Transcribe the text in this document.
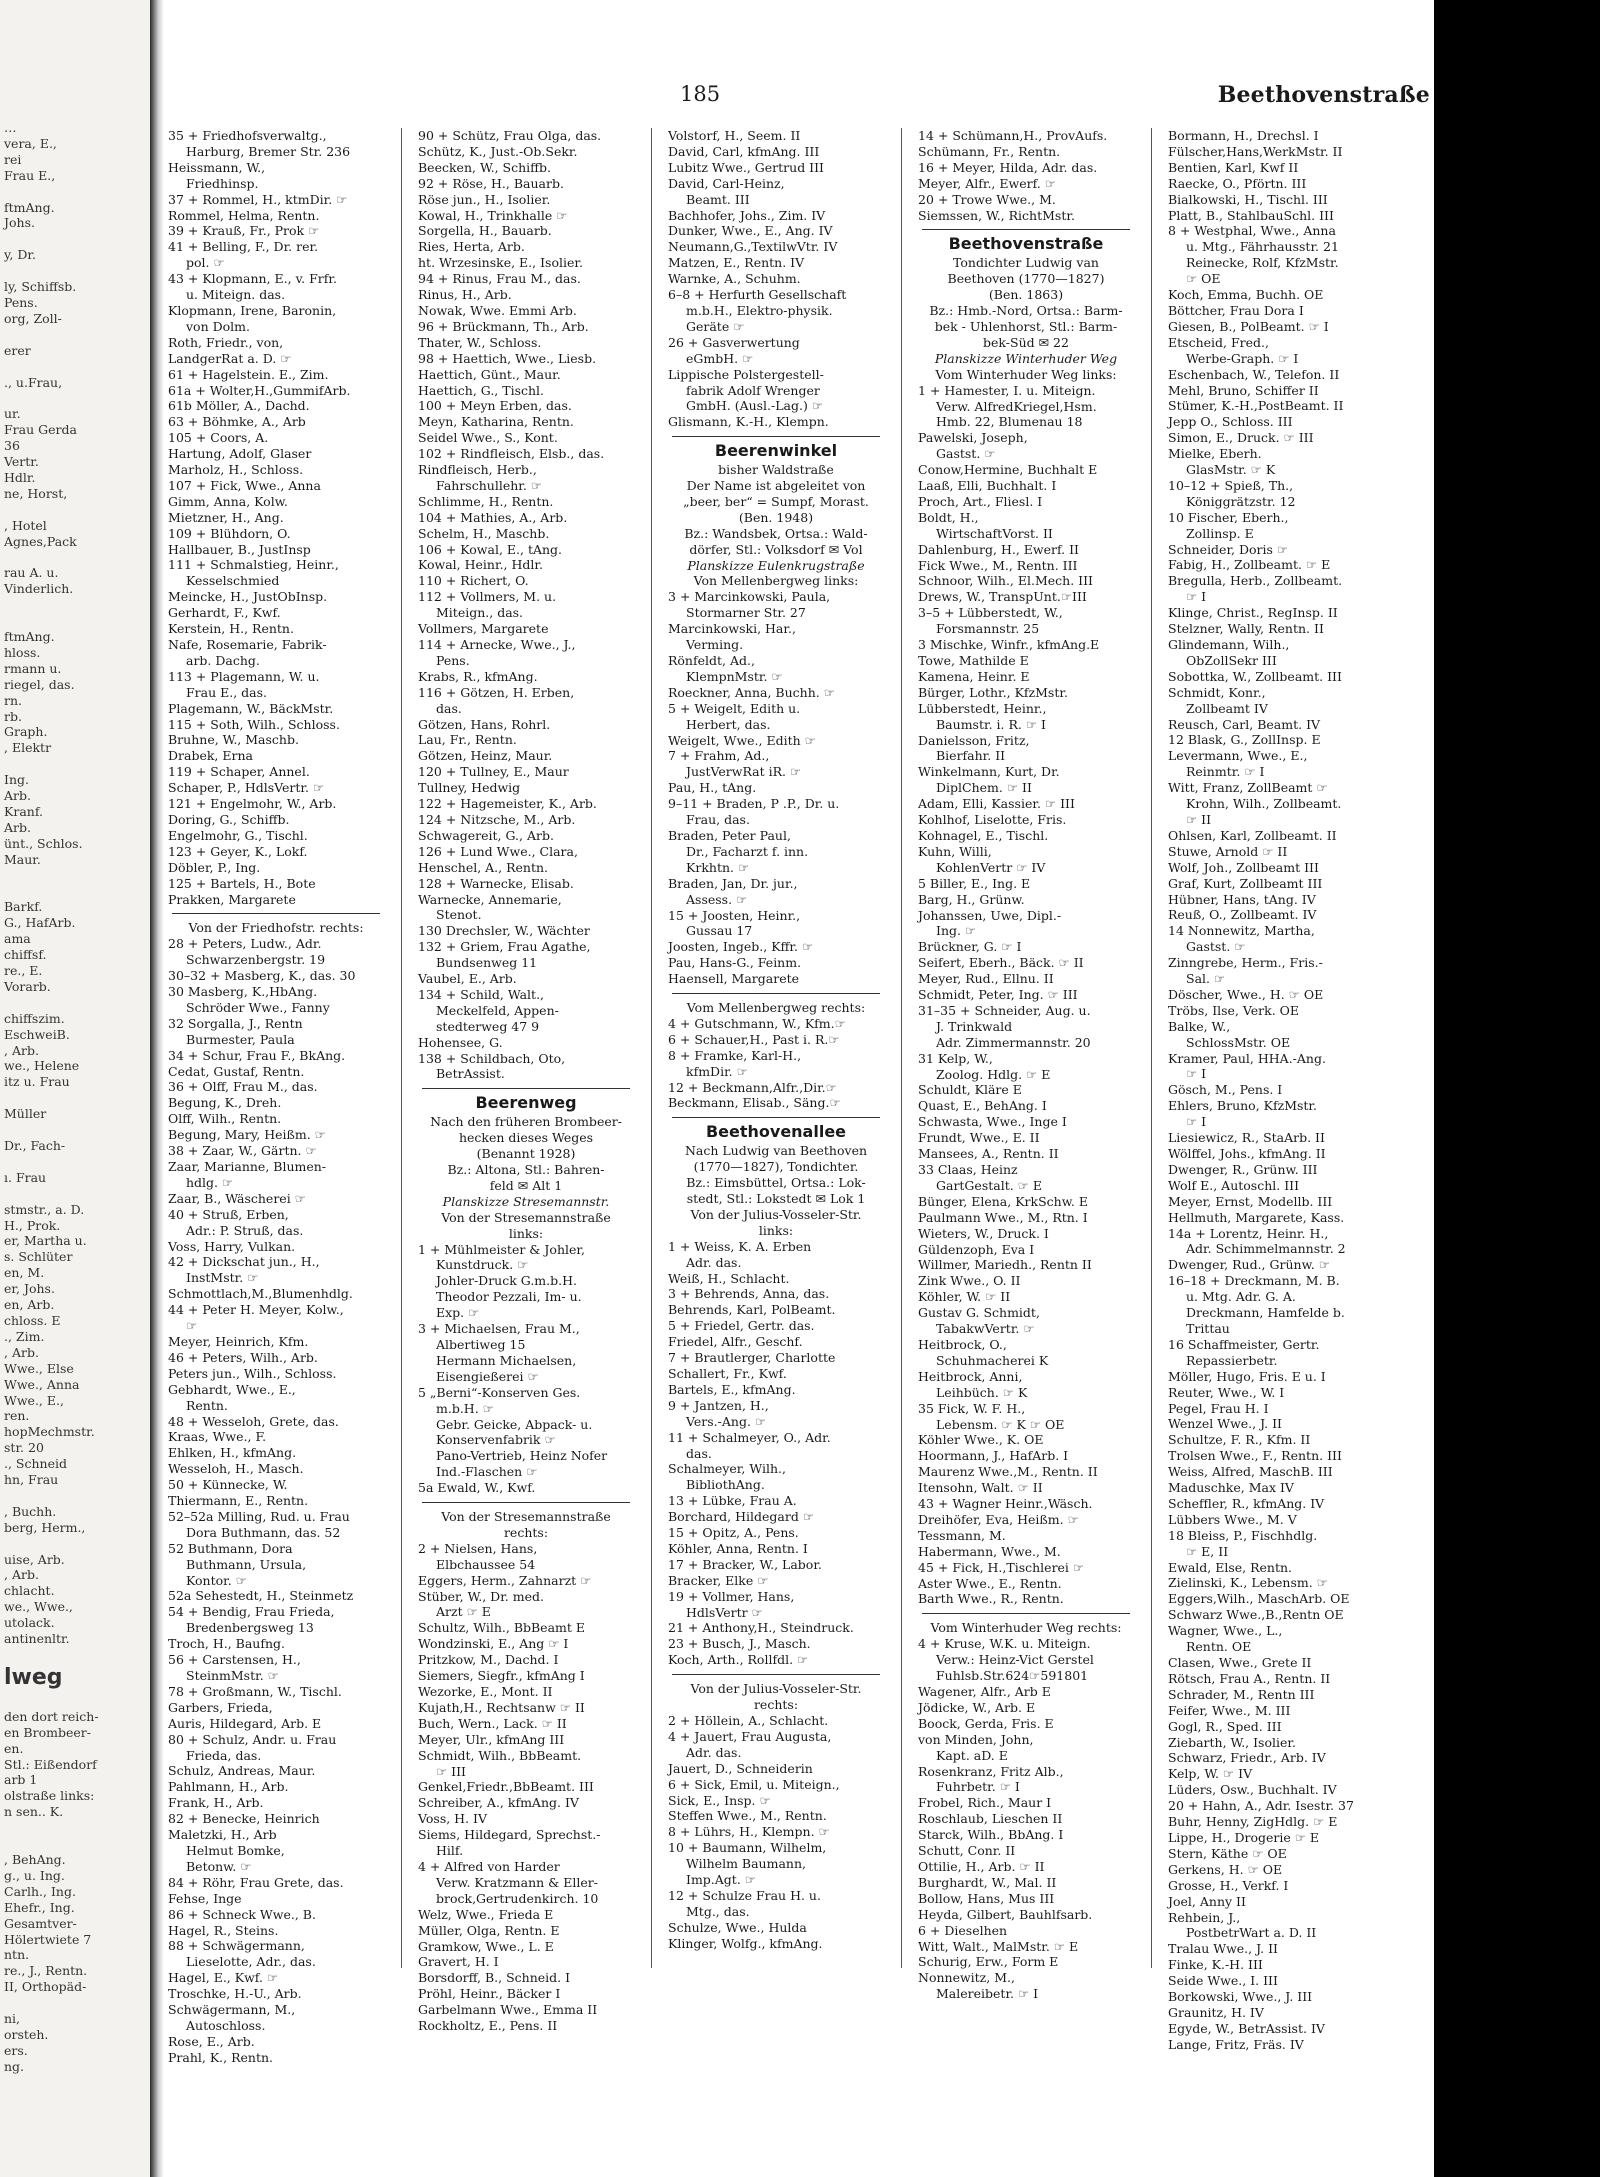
…
vera, E.,
rei
Frau E.,

ftmAng.
Johs.

y, Dr.

ly, Schiffsb.
Pens.
org, Zoll-

erer

., u.Frau,

ur.
Frau Gerda
36
Vertr.
Hdlr.
ne, Horst,

, Hotel
Agnes,Pack

rau A. u.
Vinderlich.

ftmAng.
hloss.
rmann u.
riegel, das.
rn.
rb.
Graph.
, Elektr

Ing.
Arb.
Kranf.
Arb.
ünt., Schlos.
Maur.

Barkf.
G., HafArb.
ama
chiffsf.
re., E.
Vorarb.

chiffszim.
EschweiB.
, Arb.
we., Helene
itz u. Frau

Müller

Dr., Fach-

ı. Frau

stmstr., a. D.
H., Prok.
er, Martha u.
s. Schlüter
en, M.
er, Johs.
en, Arb.
chloss. E
., Zim.
, Arb.
Wwe., Else
Wwe., Anna
Wwe., E.,
ren.
hopMechmstr.
str. 20
., Schneid
hn, Frau

, Buchh.
berg, Herm.,

uise, Arb.
, Arb.
chlacht.
we., Wwe.,
utolack.
antinenltr.

lweg

den dort reich-
en Brombeer-
en.
Stl.: Eißendorf
arb 1
olstraße links:
n sen.. K.

, BehAng.
g., u. Ing.
Carlh., Ing.
Ehefr., Ing.
Gesamtver-
Hölertwiete 7
ntn.
re., J., Rentn.
II, Orthopäd-

ni,
orsteh.
ers.
ng.
185	Beethovenstraße
35 + Friedhofsverwaltg.,
Harburg, Bremer Str. 236
Heissmann, W.,
Friedhinsp.
37 + Rommel, H., ktmDir. ☞
Rommel, Helma, Rentn.
39 + Krauß, Fr., Prok ☞
41 + Belling, F., Dr. rer.
pol. ☞
43 + Klopmann, E., v. Frfr.
u. Miteign. das.
Klopmann, Irene, Baronin,
von Dolm.
Roth, Friedr., von,
LandgerRat a. D. ☞
61 + Hagelstein. E., Zim.
61a + Wolter,H.,GummifArb.
61b Möller, A., Dachd.
63 + Böhmke, A., Arb
105 + Coors, A.
Hartung, Adolf, Glaser
Marholz, H., Schloss.
107 + Fick, Wwe., Anna
Gimm, Anna, Kolw.
Mietzner, H., Ang.
109 + Blühdorn, O.
Hallbauer, B., JustInsp
111 + Schmalstieg, Heinr.,
Kesselschmied
Meincke, H., JustObInsp.
Gerhardt, F., Kwf.
Kerstein, H., Rentn.
Nafe, Rosemarie, Fabrik-
arb. Dachg.
113 + Plagemann, W. u.
Frau E., das.
Plagemann, W., BäckMstr.
115 + Soth, Wilh., Schloss.
Bruhne, W., Maschb.
Drabek, Erna
119 + Schaper, Annel.
Schaper, P., HdlsVertr. ☞
121 + Engelmohr, W., Arb.
Doring, G., Schiffb.
Engelmohr, G., Tischl.
123 + Geyer, K., Lokf.
Döbler, P., Ing.
125 + Bartels, H., Bote
Prakken, Margarete
Von der Friedhofstr. rechts:
28 + Peters, Ludw., Adr.
Schwarzenbergstr. 19
30–32 + Masberg, K., das. 30
30 Masberg, K.,HbAng.
Schröder Wwe., Fanny
32 Sorgalla, J., Rentn
Burmester, Paula
34 + Schur, Frau F., BkAng.
Cedat, Gustaf, Rentn.
36 + Olff, Frau M., das.
Begung, K., Dreh.
Olff, Wilh., Rentn.
Begung, Mary, Heißm. ☞
38 + Zaar, W., Gärtn. ☞
Zaar, Marianne, Blumen-
hdlg. ☞
Zaar, B., Wäscherei ☞
40 + Struß, Erben,
Adr.: P. Struß, das.
Voss, Harry, Vulkan.
42 + Dickschat jun., H.,
InstMstr. ☞
Schmottlach,M.,Blumenhdlg.
44 + Peter H. Meyer, Kolw.,
☞
Meyer, Heinrich, Kfm.
46 + Peters, Wilh., Arb.
Peters jun., Wilh., Schloss.
Gebhardt, Wwe., E.,
Rentn.
48 + Wesseloh, Grete, das.
Kraas, Wwe., F.
Ehlken, H., kfmAng.
Wesseloh, H., Masch.
50 + Künnecke, W.
Thiermann, E., Rentn.
52–52a Milling, Rud. u. Frau
Dora Buthmann, das. 52
52 Buthmann, Dora
Buthmann, Ursula,
Kontor. ☞
52a Sehestedt, H., Steinmetz
54 + Bendig, Frau Frieda,
Bredenbergsweg 13
Troch, H., Baufng.
56 + Carstensen, H.,
SteinmMstr. ☞
78 + Großmann, W., Tischl.
Garbers, Frieda,
Auris, Hildegard, Arb. E
80 + Schulz, Andr. u. Frau
Frieda, das.
Schulz, Andreas, Maur.
Pahlmann, H., Arb.
Frank, H., Arb.
82 + Benecke, Heinrich
Maletzki, H., Arb
Helmut Bomke,
Betonw. ☞
84 + Röhr, Frau Grete, das.
Fehse, Inge
86 + Schneck Wwe., B.
Hagel, R., Steins.
88 + Schwägermann,
Lieselotte, Adr., das.
Hagel, E., Kwf. ☞
Troschke, H.-U., Arb.
Schwägermann, M.,
Autoschloss.
Rose, E., Arb.
Prahl, K., Rentn.
90 + Schütz, Frau Olga, das.
Schütz, K., Just.-Ob.Sekr.
Beecken, W., Schiffb.
92 + Röse, H., Bauarb.
Röse jun., H., Isolier.
Kowal, H., Trinkhalle ☞
Sorgella, H., Bauarb.
Ries, Herta, Arb.
ht. Wrzesinske, E., Isolier.
94 + Rinus, Frau M., das.
Rinus, H., Arb.
Nowak, Wwe. Emmi Arb.
96 + Brückmann, Th., Arb.
Thater, W., Schloss.
98 + Haettich, Wwe., Liesb.
Haettich, Günt., Maur.
Haettich, G., Tischl.
100 + Meyn Erben, das.
Meyn, Katharina, Rentn.
Seidel Wwe., S., Kont.
102 + Rindfleisch, Elsb., das.
Rindfleisch, Herb.,
Fahrschullehr. ☞
Schlimme, H., Rentn.
104 + Mathies, A., Arb.
Schelm, H., Maschb.
106 + Kowal, E., tAng.
Kowal, Heinr., Hdlr.
110 + Richert, O.
112 + Vollmers, M. u.
Miteign., das.
Vollmers, Margarete
114 + Arnecke, Wwe., J.,
Pens.
Krabs, R., kfmAng.
116 + Götzen, H. Erben,
das.
Götzen, Hans, Rohrl.
Lau, Fr., Rentn.
Götzen, Heinz, Maur.
120 + Tullney, E., Maur
Tullney, Hedwig
122 + Hagemeister, K., Arb.
124 + Nitzsche, M., Arb.
Schwagereit, G., Arb.
126 + Lund Wwe., Clara,
Henschel, A., Rentn.
128 + Warnecke, Elisab.
Warnecke, Annemarie,
Stenot.
130 Drechsler, W., Wächter
132 + Griem, Frau Agathe,
Bundsenweg 11
Vaubel, E., Arb.
134 + Schild, Walt.,
Meckelfeld, Appen-
stedterweg 47 9
Hohensee, G.
138 + Schildbach, Oto,
BetrAssist.
Beerenweg
Nach den früheren Brombeer-
hecken dieses Weges
(Benannt 1928)
Bz.: Altona, Stl.: Bahren-
feld ✉ Alt 1
Planskizze Stresemannstr.
Von der Stresemannstraße
links:
1 + Mühlmeister & Johler,
Kunstdruck. ☞
Johler-Druck G.m.b.H.
Theodor Pezzali, Im- u.
Exp. ☞
3 + Michaelsen, Frau M.,
Albertiweg 15
Hermann Michaelsen,
Eisengießerei ☞
5 „Berni“-Konserven Ges.
m.b.H. ☞
Gebr. Geicke, Abpack- u.
Konservenfabrik ☞
Pano-Vertrieb, Heinz Nofer
Ind.-Flaschen ☞
5a Ewald, W., Kwf.
Von der Stresemannstraße
rechts:
2 + Nielsen, Hans,
Elbchaussee 54
Eggers, Herm., Zahnarzt ☞
Stüber, W., Dr. med.
Arzt ☞ E
Schultz, Wilh., BbBeamt E
Wondzinski, E., Ang ☞ I
Pritzkow, M., Dachd. I
Siemers, Siegfr., kfmAng I
Wezorke, E., Mont. II
Kujath,H., Rechtsanw ☞ II
Buch, Wern., Lack. ☞ II
Meyer, Ulr., kfmAng III
Schmidt, Wilh., BbBeamt.
☞ III
Genkel,Friedr.,BbBeamt. III
Schreiber, A., kfmAng. IV
Voss, H. IV
Siems, Hildegard, Sprechst.-
Hilf.
4 + Alfred von Harder
Verw. Kratzmann & Eller-
brock,Gertrudenkirch. 10
Welz, Wwe., Frieda E
Müller, Olga, Rentn. E
Gramkow, Wwe., L. E
Gravert, H. I
Borsdorff, B., Schneid. I
Pröhl, Heinr., Bäcker I
Garbelmann Wwe., Emma II
Rockholtz, E., Pens. II
Volstorf, H., Seem. II
David, Carl, kfmAng. III
Lubitz Wwe., Gertrud III
David, Carl-Heinz,
Beamt. III
Bachhofer, Johs., Zim. IV
Dunker, Wwe., E., Ang. IV
Neumann,G.,TextilwVtr. IV
Matzen, E., Rentn. IV
Warnke, A., Schuhm.
6–8 + Herfurth Gesellschaft
m.b.H., Elektro-physik.
Geräte ☞
26 + Gasverwertung
eGmbH. ☞
Lippische Polstergestell-
fabrik Adolf Wrenger
GmbH. (Ausl.-Lag.) ☞
Glismann, K.-H., Klempn.
Beerenwinkel
bisher Waldstraße
Der Name ist abgeleitet von
„beer, ber“ = Sumpf, Morast.
(Ben. 1948)
Bz.: Wandsbek, Ortsa.: Wald-
dörfer, Stl.: Volksdorf ✉ Vol
Planskizze Eulenkrugstraße
Von Mellenbergweg links:
3 + Marcinkowski, Paula,
Stormarner Str. 27
Marcinkowski, Har.,
Verming.
Rönfeldt, Ad.,
KlempnMstr. ☞
Roeckner, Anna, Buchh. ☞
5 + Weigelt, Edith u.
Herbert, das.
Weigelt, Wwe., Edith ☞
7 + Frahm, Ad.,
JustVerwRat iR. ☞
Pau, H., tAng.
9–11 + Braden, P .P., Dr. u.
Frau, das.
Braden, Peter Paul,
Dr., Facharzt f. inn.
Krkhtn. ☞
Braden, Jan, Dr. jur.,
Assess. ☞
15 + Joosten, Heinr.,
Gussau 17
Joosten, Ingeb., Kffr. ☞
Pau, Hans-G., Feinm.
Haensell, Margarete
Vom Mellenbergweg rechts:
4 + Gutschmann, W., Kfm.☞
6 + Schauer,H., Past i. R.☞
8 + Framke, Karl-H.,
kfmDir. ☞
12 + Beckmann,Alfr.,Dir.☞
Beckmann, Elisab., Säng.☞
Beethovenallee
Nach Ludwig van Beethoven
(1770—1827), Tondichter.
Bz.: Eimsbüttel, Ortsa.: Lok-
stedt, Stl.: Lokstedt ✉ Lok 1
Von der Julius-Vosseler-Str.
links:
1 + Weiss, K. A. Erben
Adr. das.
Weiß, H., Schlacht.
3 + Behrends, Anna, das.
Behrends, Karl, PolBeamt.
5 + Friedel, Gertr. das.
Friedel, Alfr., Geschf.
7 + Brautlerger, Charlotte
Schallert, Fr., Kwf.
Bartels, E., kfmAng.
9 + Jantzen, H.,
Vers.-Ang. ☞
11 + Schalmeyer, O., Adr.
das.
Schalmeyer, Wilh.,
BibliothAng.
13 + Lübke, Frau A.
Borchard, Hildegard ☞
15 + Opitz, A., Pens.
Köhler, Anna, Rentn. I
17 + Bracker, W., Labor.
Bracker, Elke ☞
19 + Vollmer, Hans,
HdlsVertr ☞
21 + Anthony,H., Steindruck.
23 + Busch, J., Masch.
Koch, Arth., Rollfdl. ☞
Von der Julius-Vosseler-Str.
rechts:
2 + Höllein, A., Schlacht.
4 + Jauert, Frau Augusta,
Adr. das.
Jauert, D., Schneiderin
6 + Sick, Emil, u. Miteign.,
Sick, E., Insp. ☞
Steffen Wwe., M., Rentn.
8 + Lührs, H., Klempn. ☞
10 + Baumann, Wilhelm,
Wilhelm Baumann,
Imp.Agt. ☞
12 + Schulze Frau H. u.
Mtg., das.
Schulze, Wwe., Hulda
Klinger, Wolfg., kfmAng.
14 + Schümann,H., ProvAufs.
Schümann, Fr., Rentn.
16 + Meyer, Hilda, Adr. das.
Meyer, Alfr., Ewerf. ☞
20 + Trowe Wwe., M.
Siemssen, W., RichtMstr.
Beethovenstraße
Tondichter Ludwig van
Beethoven (1770—1827)
(Ben. 1863)
Bz.: Hmb.-Nord, Ortsa.: Barm-
bek - Uhlenhorst, Stl.: Barm-
bek-Süd ✉ 22
Planskizze Winterhuder Weg
Vom Winterhuder Weg links:
1 + Hamester, I. u. Miteign.
Verw. AlfredKriegel,Hsm.
Hmb. 22, Blumenau 18
Pawelski, Joseph,
Gastst. ☞
Conow,Hermine, Buchhalt E
Laaß, Elli, Buchhalt. I
Proch, Art., Fliesl. I
Boldt, H.,
WirtschaftVorst. II
Dahlenburg, H., Ewerf. II
Fick Wwe., M., Rentn. III
Schnoor, Wilh., El.Mech. III
Drews, W., TranspUnt.☞III
3–5 + Lübberstedt, W.,
Forsmannstr. 25
3 Mischke, Winfr., kfmAng.E
Towe, Mathilde E
Kamena, Heinr. E
Bürger, Lothr., KfzMstr.
Lübberstedt, Heinr.,
Baumstr. i. R. ☞ I
Danielsson, Fritz,
Bierfahr. II
Winkelmann, Kurt, Dr.
DiplChem. ☞ II
Adam, Elli, Kassier. ☞ III
Kohlhof, Liselotte, Fris.
Kohnagel, E., Tischl.
Kuhn, Willi,
KohlenVertr ☞ IV
5 Biller, E., Ing. E
Barg, H., Grünw.
Johanssen, Uwe, Dipl.-
Ing. ☞
Brückner, G. ☞ I
Seifert, Eberh., Bäck. ☞ II
Meyer, Rud., Ellnu. II
Schmidt, Peter, Ing. ☞ III
31–35 + Schneider, Aug. u.
J. Trinkwald
Adr. Zimmermannstr. 20
31 Kelp, W.,
Zoolog. Hdlg. ☞ E
Schuldt, Kläre E
Quast, E., BehAng. I
Schwasta, Wwe., Inge I
Frundt, Wwe., E. II
Mansees, A., Rentn. II
33 Claas, Heinz
GartGestalt. ☞ E
Bünger, Elena, KrkSchw. E
Paulmann Wwe., M., Rtn. I
Wieters, W., Druck. I
Güldenzoph, Eva I
Willmer, Mariedh., Rentn II
Zink Wwe., O. II
Köhler, W. ☞ II
Gustav G. Schmidt,
TabakwVertr. ☞
Heitbrock, O.,
Schuhmacherei K
Heitbrock, Anni,
Leihbüch. ☞ K
35 Fick, W. F. H.,
Lebensm. ☞ K ☞ OE
Köhler Wwe., K. OE
Hoormann, J., HafArb. I
Maurenz Wwe.,M., Rentn. II
Itensohn, Walt. ☞ II
43 + Wagner Heinr.,Wäsch.
Dreihöfer, Eva, Heißm. ☞
Tessmann, M.
Habermann, Wwe., M.
45 + Fick, H.,Tischlerei ☞
Aster Wwe., E., Rentn.
Barth Wwe., R., Rentn.
Vom Winterhuder Weg rechts:
4 + Kruse, W.K. u. Miteign.
Verw.: Heinz-Vict Gerstel
Fuhlsb.Str.624☞591801
Wagener, Alfr., Arb E
Jödicke, W., Arb. E
Boock, Gerda, Fris. E
von Minden, John,
Kapt. aD. E
Rosenkranz, Fritz Alb.,
Fuhrbetr. ☞ I
Frobel, Rich., Maur I
Roschlaub, Lieschen II
Starck, Wilh., BbAng. I
Schutt, Conr. II
Ottilie, H., Arb. ☞ II
Burghardt, W., Mal. II
Bollow, Hans, Mus III
Heyda, Gilbert, Bauhlfsarb.
6 + Dieselhen
Witt, Walt., MalMstr. ☞ E
Schurig, Erw., Form E
Nonnewitz, M.,
Malereibetr. ☞ I
Bormann, H., Drechsl. I
Fülscher,Hans,WerkMstr. II
Bentien, Karl, Kwf II
Raecke, O., Pförtn. III
Bialkowski, H., Tischl. III
Platt, B., StahlbauSchl. III
8 + Westphal, Wwe., Anna
u. Mtg., Fährhausstr. 21
Reinecke, Rolf, KfzMstr.
☞ OE
Koch, Emma, Buchh. OE
Böttcher, Frau Dora I
Giesen, B., PolBeamt. ☞ I
Etscheid, Fred.,
Werbe-Graph. ☞ I
Eschenbach, W., Telefon. II
Mehl, Bruno, Schiffer II
Stümer, K.-H.,PostBeamt. II
Jepp O., Schloss. III
Simon, E., Druck. ☞ III
Mielke, Eberh.
GlasMstr. ☞ K
10–12 + Spieß, Th.,
Königgrätzstr. 12
10 Fischer, Eberh.,
Zollinsp. E
Schneider, Doris ☞
Fabig, H., Zollbeamt. ☞ E
Bregulla, Herb., Zollbeamt.
☞ I
Klinge, Christ., RegInsp. II
Stelzner, Wally, Rentn. II
Glindemann, Wilh.,
ObZollSekr III
Sobottka, W., Zollbeamt. III
Schmidt, Konr.,
Zollbeamt IV
Reusch, Carl, Beamt. IV
12 Blask, G., ZollInsp. E
Levermann, Wwe., E.,
Reinmtr. ☞ I
Witt, Franz, ZollBeamt ☞
Krohn, Wilh., Zollbeamt.
☞ II
Ohlsen, Karl, Zollbeamt. II
Stuwe, Arnold ☞ II
Wolf, Joh., Zollbeamt III
Graf, Kurt, Zollbeamt III
Hübner, Hans, tAng. IV
Reuß, O., Zollbeamt. IV
14 Nonnewitz, Martha,
Gastst. ☞
Zinngrebe, Herm., Fris.-
Sal. ☞
Döscher, Wwe., H. ☞ OE
Tröbs, Ilse, Verk. OE
Balke, W.,
SchlossMstr. OE
Kramer, Paul, HHA.-Ang.
☞ I
Gösch, M., Pens. I
Ehlers, Bruno, KfzMstr.
☞ I
Liesiewicz, R., StaArb. II
Wölffel, Johs., kfmAng. II
Dwenger, R., Grünw. III
Wolf E., Autoschl. III
Meyer, Ernst, Modellb. III
Hellmuth, Margarete, Kass.
14a + Lorentz, Heinr. H.,
Adr. Schimmelmannstr. 2
Dwenger, Rud., Grünw. ☞
16–18 + Dreckmann, M. B.
u. Mtg. Adr. G. A.
Dreckmann, Hamfelde b.
Trittau
16 Schaffmeister, Gertr.
Repassierbetr.
Möller, Hugo, Fris. E u. I
Reuter, Wwe., W. I
Pegel, Frau H. I
Wenzel Wwe., J. II
Schultze, F. R., Kfm. II
Trolsen Wwe., F., Rentn. III
Weiss, Alfred, MaschB. III
Maduschke, Max IV
Scheffler, R., kfmAng. IV
Lübbers Wwe., M. V
18 Bleiss, P., Fischhdlg.
☞ E, II
Ewald, Else, Rentn.
Zielinski, K., Lebensm. ☞
Eggers,Wilh., MaschArb. OE
Schwarz Wwe.,B.,Rentn OE
Wagner, Wwe., L.,
Rentn. OE
Clasen, Wwe., Grete II
Rötsch, Frau A., Rentn. II
Schrader, M., Rentn III
Feifer, Wwe., M. III
Gogl, R., Sped. III
Ziebarth, W., Isolier.
Schwarz, Friedr., Arb. IV
Kelp, W. ☞ IV
Lüders, Osw., Buchhalt. IV
20 + Hahn, A., Adr. Isestr. 37
Buhr, Henny, ZigHdlg. ☞ E
Lippe, H., Drogerie ☞ E
Stern, Käthe ☞ OE
Gerkens, H. ☞ OE
Grosse, H., Verkf. I
Joel, Anny II
Rehbein, J.,
PostbetrWart a. D. II
Tralau Wwe., J. II
Finke, K.-H. III
Seide Wwe., I. III
Borkowski, Wwe., J. III
Graunitz, H. IV
Egyde, W., BetrAssist. IV
Lange, Fritz, Fräs. IV
